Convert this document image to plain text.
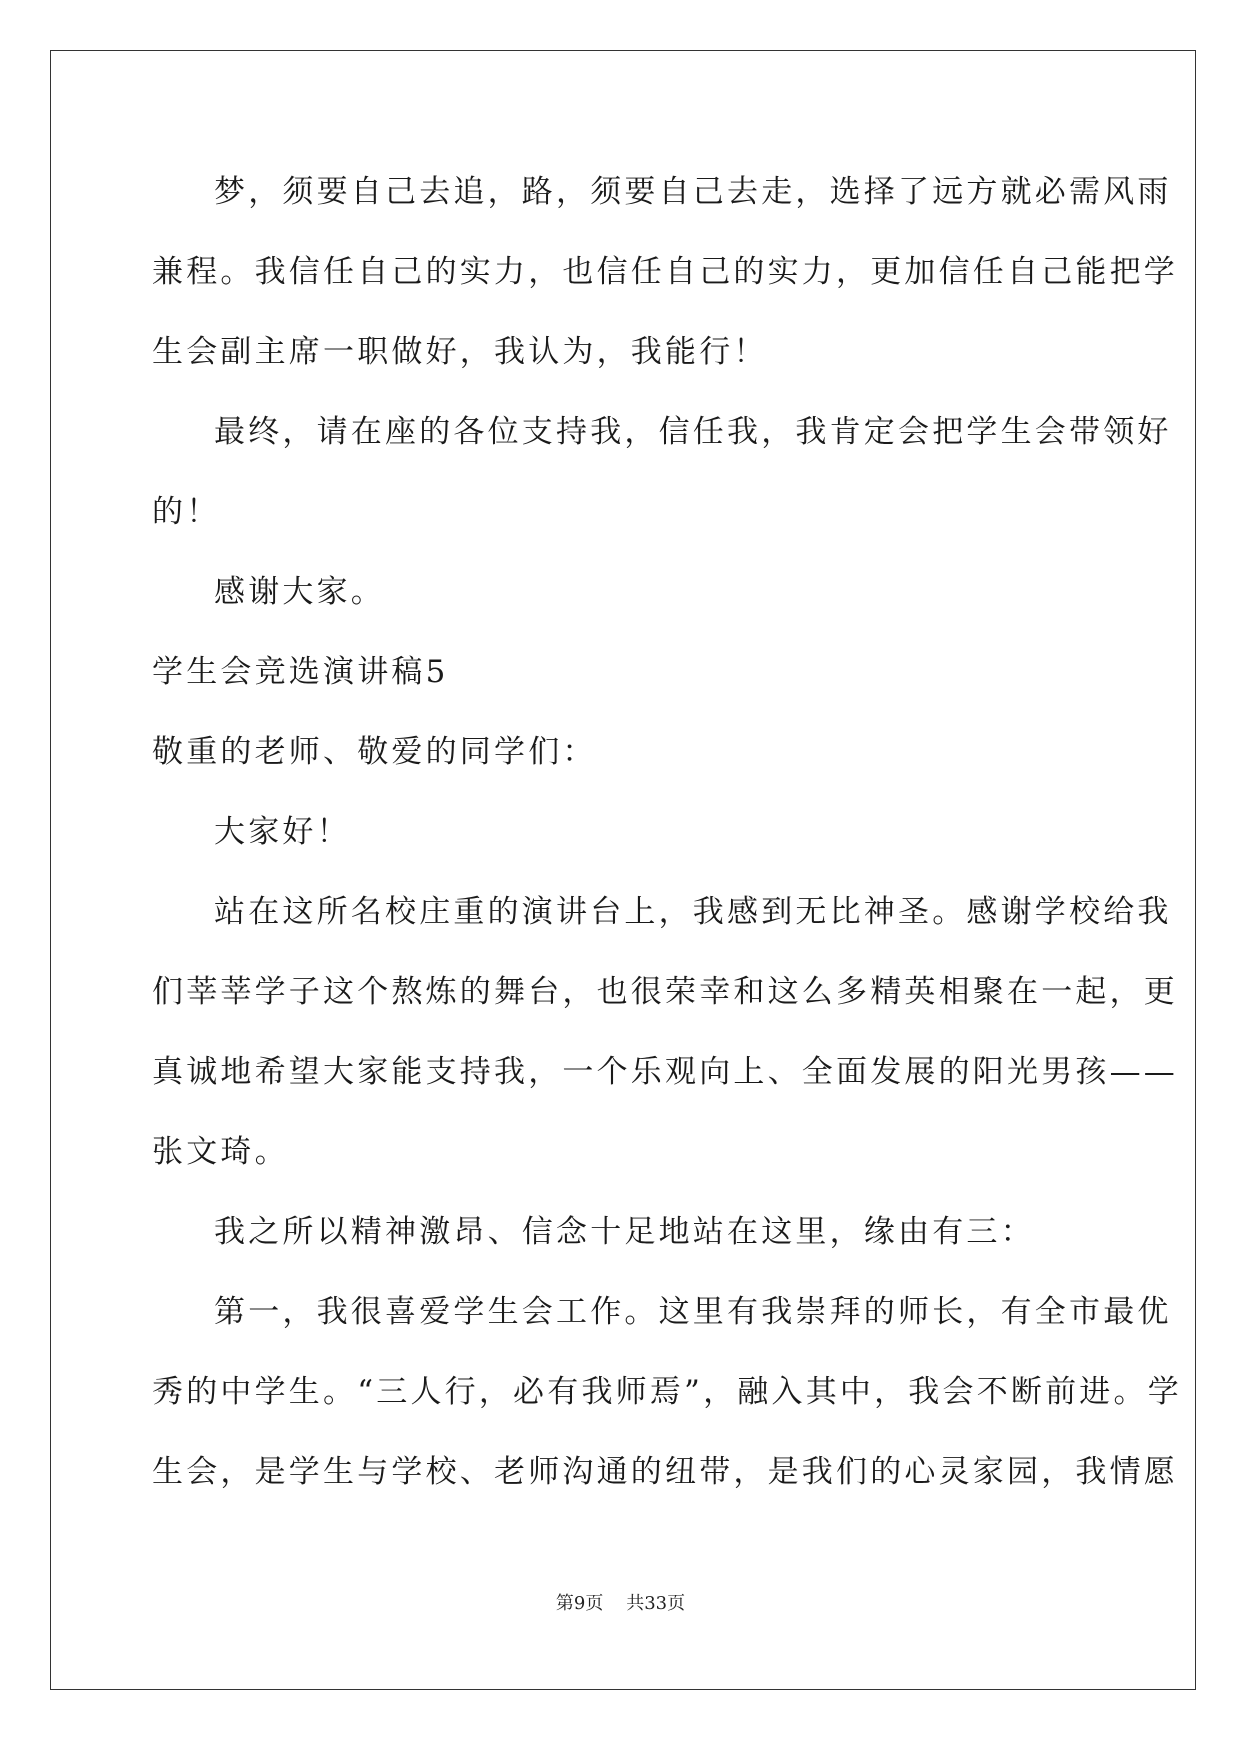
梦，须要自己去追，路，须要自己去走，选择了远方就必需风雨
兼程。我信任自己的实力，也信任自己的实力，更加信任自己能把学
生会副主席一职做好，我认为，我能行！
最终，请在座的各位支持我，信任我，我肯定会把学生会带领好
的！
感谢大家。
学生会竞选演讲稿5
敬重的老师、敬爱的同学们：
大家好！
站在这所名校庄重的演讲台上，我感到无比神圣。感谢学校给我
们莘莘学子这个熬炼的舞台，也很荣幸和这么多精英相聚在一起，更
真诚地希望大家能支持我，一个乐观向上、全面发展的阳光男孩——
张文琦。
我之所以精神激昂、信念十足地站在这里，缘由有三：
第一，我很喜爱学生会工作。这里有我崇拜的师长，有全市最优
秀的中学生。“三人行，必有我师焉”，融入其中，我会不断前进。学
生会，是学生与学校、老师沟通的纽带，是我们的心灵家园，我情愿
第9页 共33页
